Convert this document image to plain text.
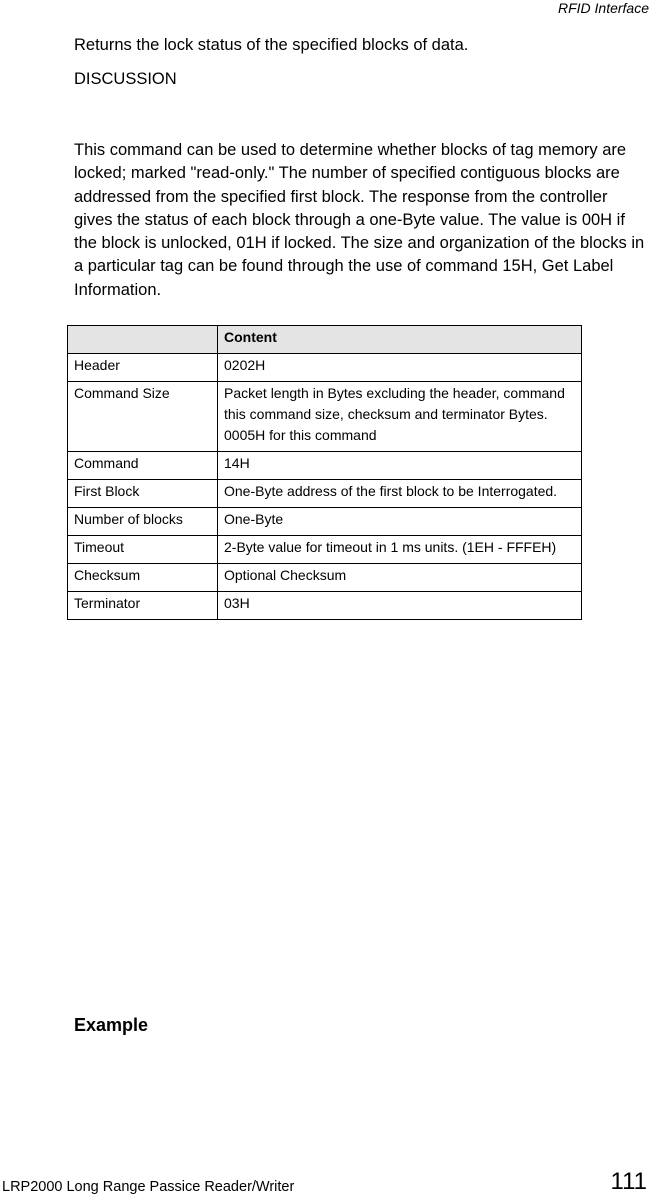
RFID Interface
Returns the lock status of the specified blocks of data.
DISCUSSION

This command can be used to determine whether blocks of tag memory are locked; marked "read-only." The number of specified contiguous blocks are addressed from the specified first block. The response from the controller gives the status of each block through a one-Byte value. The value is 00H if the block is unlocked, 01H if locked. The size and organization of the blocks in a particular tag can be found through the use of command 15H, Get Label Information.

	Content
Header	0202H
Command Size	Packet length in Bytes excluding the header, command this command size, checksum and terminator Bytes. 0005H for this command
Command	14H
First Block	One-Byte address of the first block to be Interrogated.
Number of blocks	One-Byte
Timeout	2-Byte value for timeout in 1 ms units. (1EH - FFFEH)
Checksum	Optional Checksum
Terminator	03H
Example
LRP2000 Long Range Passice Reader/Writer	111
